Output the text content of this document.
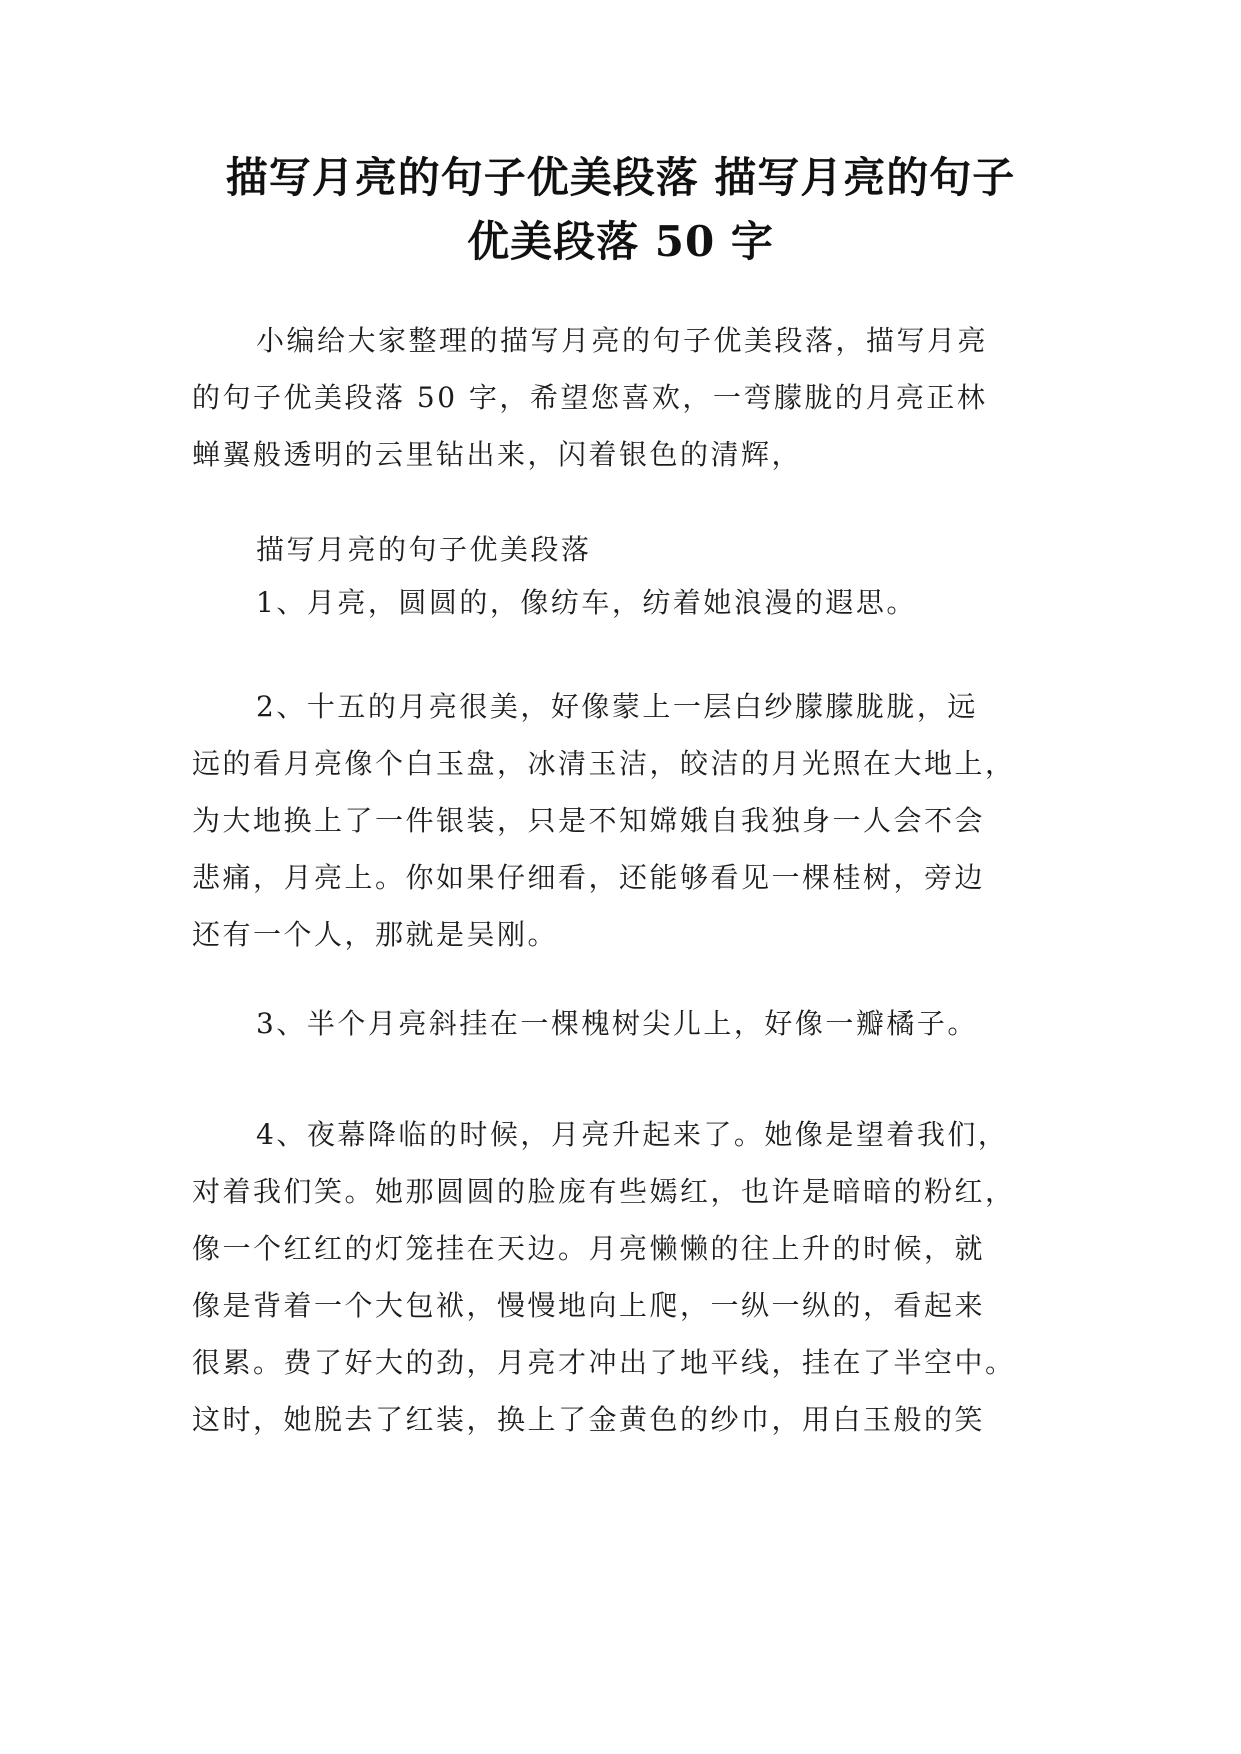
描写月亮的句子优美段落 描写月亮的句子
优美段落 50 字
小编给大家整理的描写月亮的句子优美段落，描写月亮
的句子优美段落 50 字，希望您喜欢，一弯朦胧的月亮正林
蝉翼般透明的云里钻出来，闪着银色的清辉，
描写月亮的句子优美段落
1、月亮，圆圆的，像纺车，纺着她浪漫的遐思。
2、十五的月亮很美，好像蒙上一层白纱朦朦胧胧，远
远的看月亮像个白玉盘，冰清玉洁，皎洁的月光照在大地上，
为大地换上了一件银装，只是不知嫦娥自我独身一人会不会
悲痛，月亮上。你如果仔细看，还能够看见一棵桂树，旁边
还有一个人，那就是吴刚。
3、半个月亮斜挂在一棵槐树尖儿上，好像一瓣橘子。
4、夜幕降临的时候，月亮升起来了。她像是望着我们，
对着我们笑。她那圆圆的脸庞有些嫣红，也许是暗暗的粉红，
像一个红红的灯笼挂在天边。月亮懒懒的往上升的时候，就
像是背着一个大包袱，慢慢地向上爬，一纵一纵的，看起来
很累。费了好大的劲，月亮才冲出了地平线，挂在了半空中。
这时，她脱去了红装，换上了金黄色的纱巾，用白玉般的笑
